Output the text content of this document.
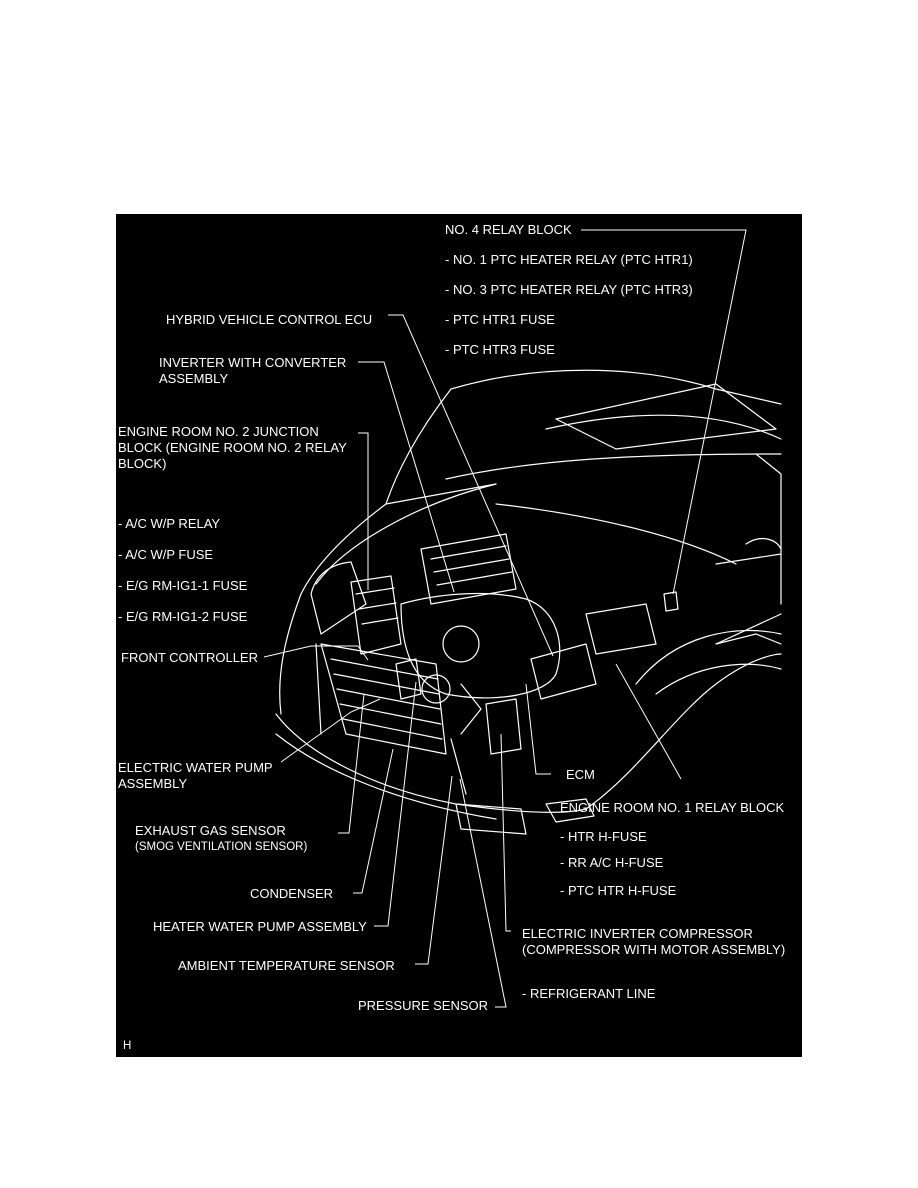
NO. 4 RELAY BLOCK
- NO. 1 PTC HEATER RELAY (PTC HTR1)
- NO. 3 PTC HEATER RELAY (PTC HTR3)
- PTC HTR1 FUSE
- PTC HTR3 FUSE
HYBRID VEHICLE CONTROL ECU
INVERTER WITH CONVERTER
ASSEMBLY
ENGINE ROOM NO. 2 JUNCTION
BLOCK (ENGINE ROOM NO. 2 RELAY
BLOCK)
- A/C W/P RELAY
- A/C W/P FUSE
- E/G RM-IG1-1 FUSE
- E/G RM-IG1-2 FUSE
FRONT CONTROLLER
ELECTRIC WATER PUMP
ASSEMBLY
EXHAUST GAS SENSOR
(SMOG VENTILATION SENSOR)
CONDENSER
HEATER WATER PUMP ASSEMBLY
AMBIENT TEMPERATURE SENSOR
PRESSURE SENSOR
ECM
ENGINE ROOM NO. 1 RELAY BLOCK
- HTR H-FUSE
- RR A/C H-FUSE
- PTC HTR H-FUSE
ELECTRIC INVERTER COMPRESSOR
(COMPRESSOR WITH MOTOR ASSEMBLY)
- REFRIGERANT LINE
H
